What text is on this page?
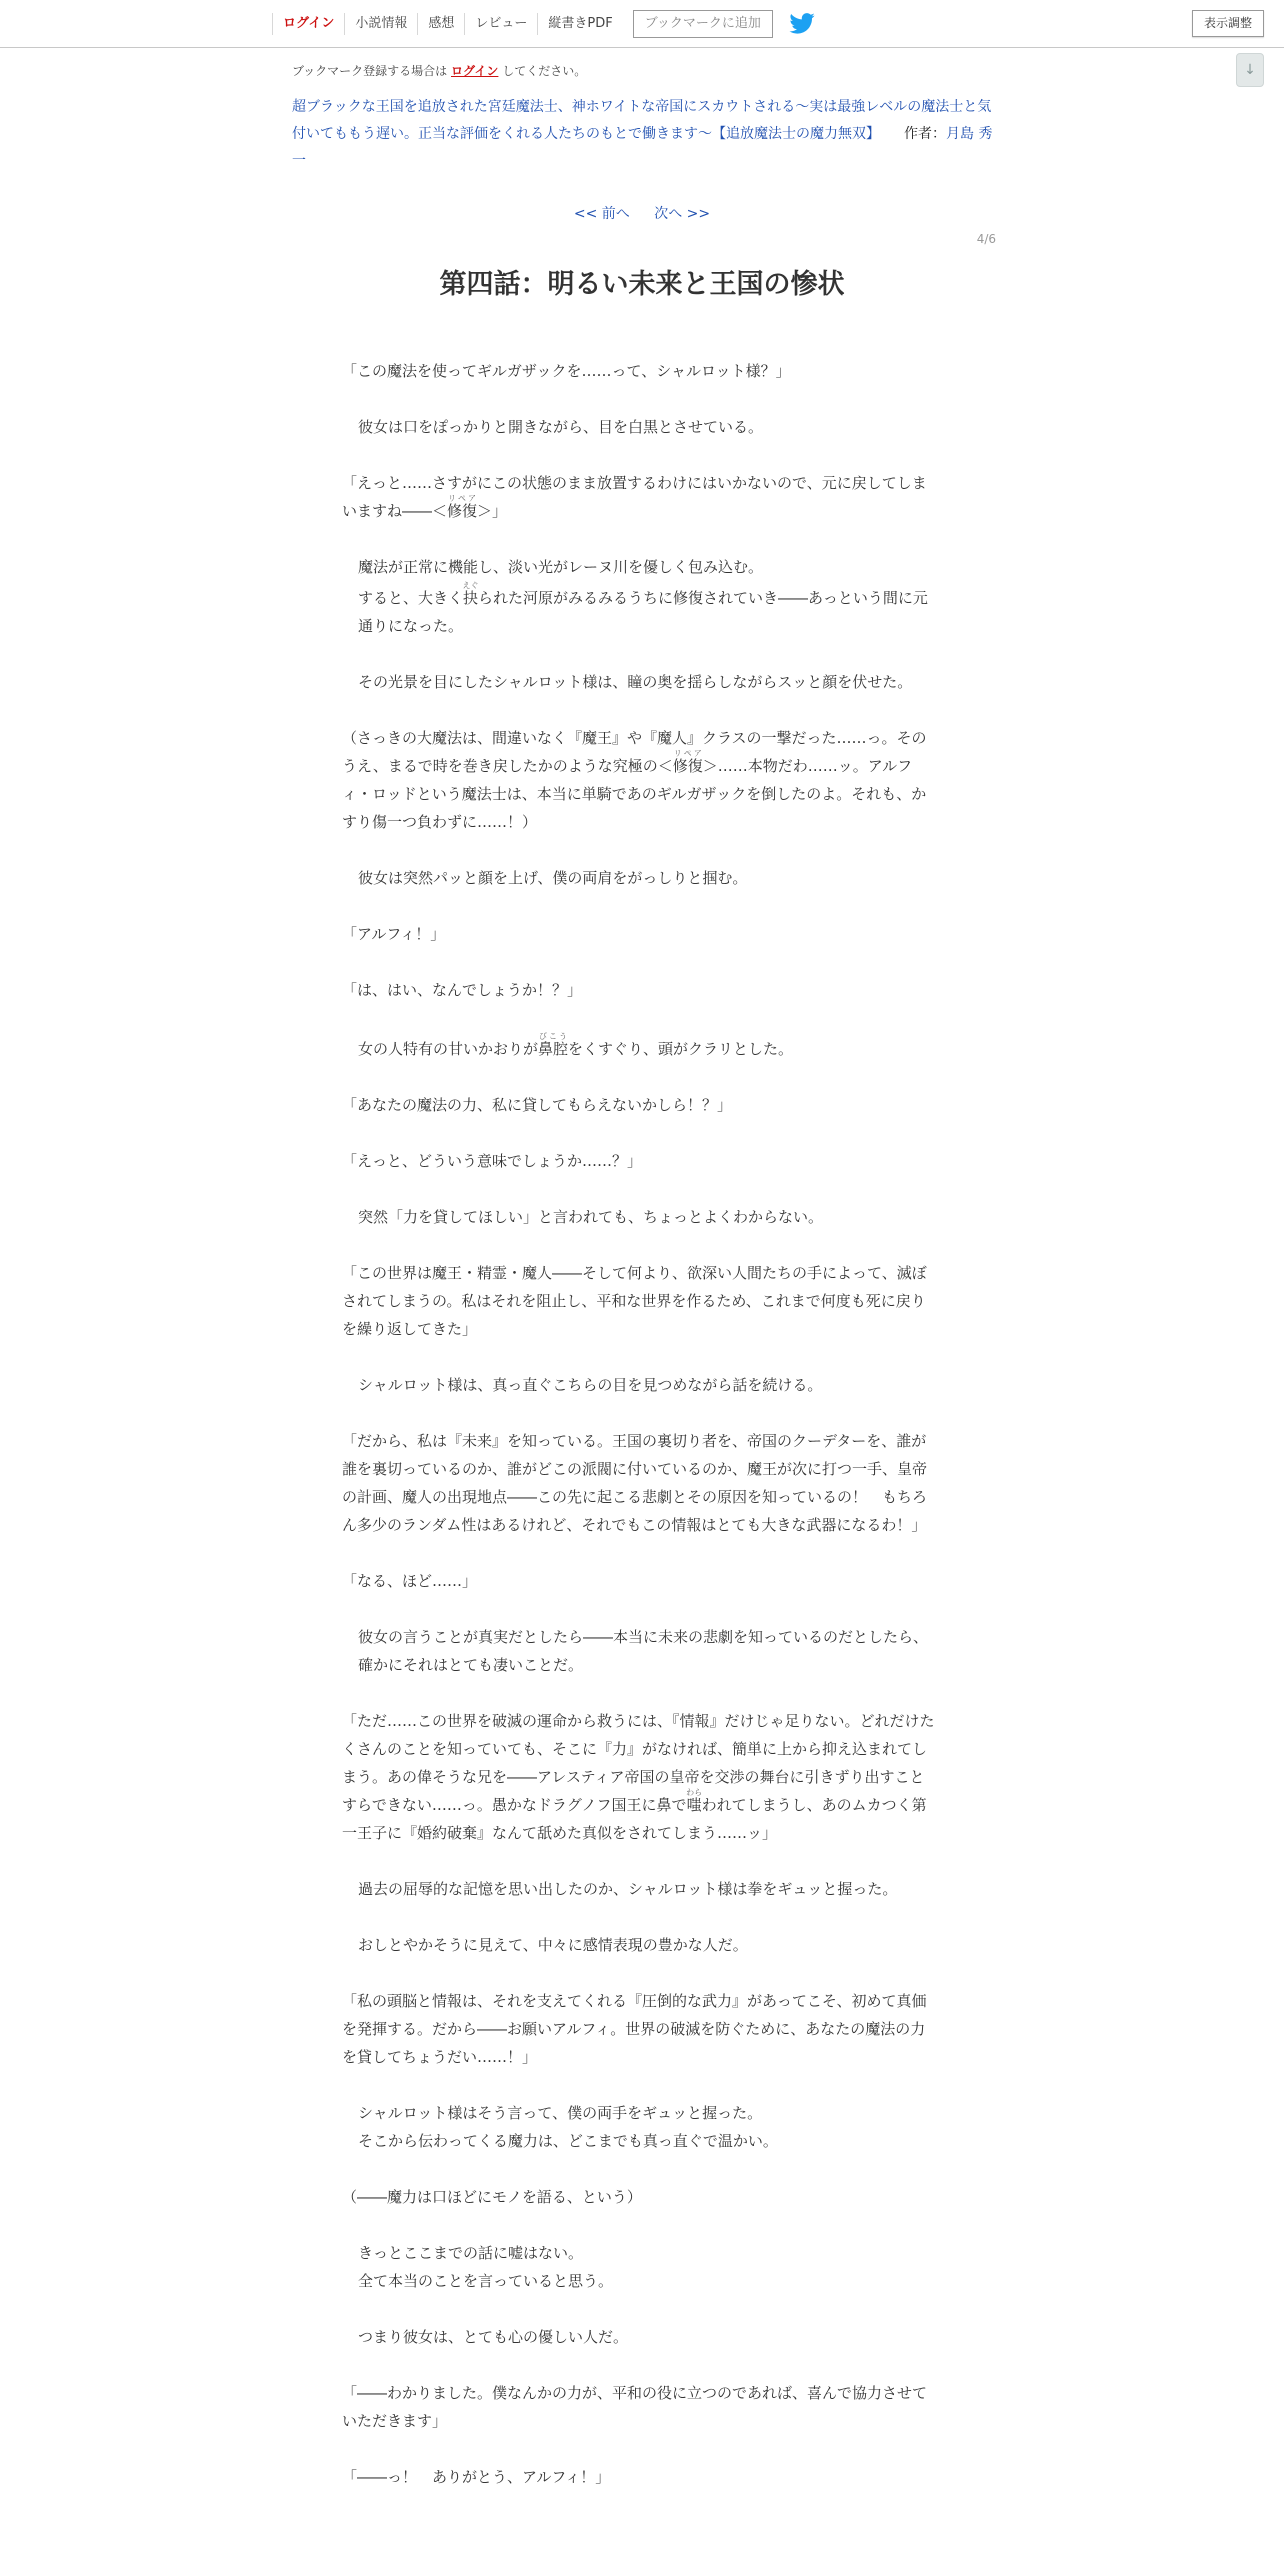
ログイン	小説情報	感想	レビュー	縦書きPDF	ブックマークに追加	表示調整
↓
ブックマーク登録する場合は ログイン してください。
超ブラックな王国を追放された宮廷魔法士、神ホワイトな帝国にスカウトされる～実は最強レベルの魔法士と気付いてももう遅い。正当な評価をくれる人たちのもとで働きます～【追放魔法士の魔力無双】 作者：月島 秀一
<< 前へ 次へ >>
4/6
第四話：明るい未来と王国の惨状
「この魔法を使ってギルガザックを……って、シャルロット様？」
彼女は口をぽっかりと開きながら、目を白黒とさせている。
「えっと……さすがにこの状態のまま放置するわけにはいかないので、元に戻してしまいますね――＜修復リペア＞」
魔法が正常に機能し、淡い光がレーヌ川を優しく包み込む。
すると、大きく抉えぐられた河原がみるみるうちに修復されていき――あっという間に元通りになった。
その光景を目にしたシャルロット様は、瞳の奥を揺らしながらスッと顔を伏せた。
（さっきの大魔法は、間違いなく『魔王』や『魔人』クラスの一撃だった……っ。そのうえ、まるで時を巻き戻したかのような究極の＜修復リペア＞……本物だわ……ッ。アルフィ・ロッドという魔法士は、本当に単騎であのギルガザックを倒したのよ。それも、かすり傷一つ負わずに……！）
彼女は突然パッと顔を上げ、僕の両肩をがっしりと掴む。
「アルフィ！」
「は、はい、なんでしょうか！？」
女の人特有の甘いかおりが鼻腔びこうをくすぐり、頭がクラリとした。
「あなたの魔法の力、私に貸してもらえないかしら！？」
「えっと、どういう意味でしょうか……？」
突然「力を貸してほしい」と言われても、ちょっとよくわからない。
「この世界は魔王・精霊・魔人――そして何より、欲深い人間たちの手によって、滅ぼされてしまうの。私はそれを阻止し、平和な世界を作るため、これまで何度も死に戻りを繰り返してきた」
シャルロット様は、真っ直ぐこちらの目を見つめながら話を続ける。
「だから、私は『未来』を知っている。王国の裏切り者を、帝国のクーデターを、誰が誰を裏切っているのか、誰がどこの派閥に付いているのか、魔王が次に打つ一手、皇帝の計画、魔人の出現地点――この先に起こる悲劇とその原因を知っているの！　もちろん多少のランダム性はあるけれど、それでもこの情報はとても大きな武器になるわ！」
「なる、ほど……」
彼女の言うことが真実だとしたら――本当に未来の悲劇を知っているのだとしたら、確かにそれはとても凄いことだ。
「ただ……この世界を破滅の運命から救うには、『情報』だけじゃ足りない。どれだけたくさんのことを知っていても、そこに『力』がなければ、簡単に上から抑え込まれてしまう。あの偉そうな兄を――アレスティア帝国の皇帝を交渉の舞台に引きずり出すことすらできない……っ。愚かなドラグノフ国王に鼻で嗤わらわれてしまうし、あのムカつく第一王子に『婚約破棄』なんて舐めた真似をされてしまう……ッ」
過去の屈辱的な記憶を思い出したのか、シャルロット様は拳をギュッと握った。
おしとやかそうに見えて、中々に感情表現の豊かな人だ。
「私の頭脳と情報は、それを支えてくれる『圧倒的な武力』があってこそ、初めて真価を発揮する。だから――お願いアルフィ。世界の破滅を防ぐために、あなたの魔法の力を貸してちょうだい……！」
シャルロット様はそう言って、僕の両手をギュッと握った。
そこから伝わってくる魔力は、どこまでも真っ直ぐで温かい。
（――魔力は口ほどにモノを語る、という）
きっとここまでの話に嘘はない。
全て本当のことを言っていると思う。
つまり彼女は、とても心の優しい人だ。
「――わかりました。僕なんかの力が、平和の役に立つのであれば、喜んで協力させていただきます」
「――っ！　ありがとう、アルフィ！」
